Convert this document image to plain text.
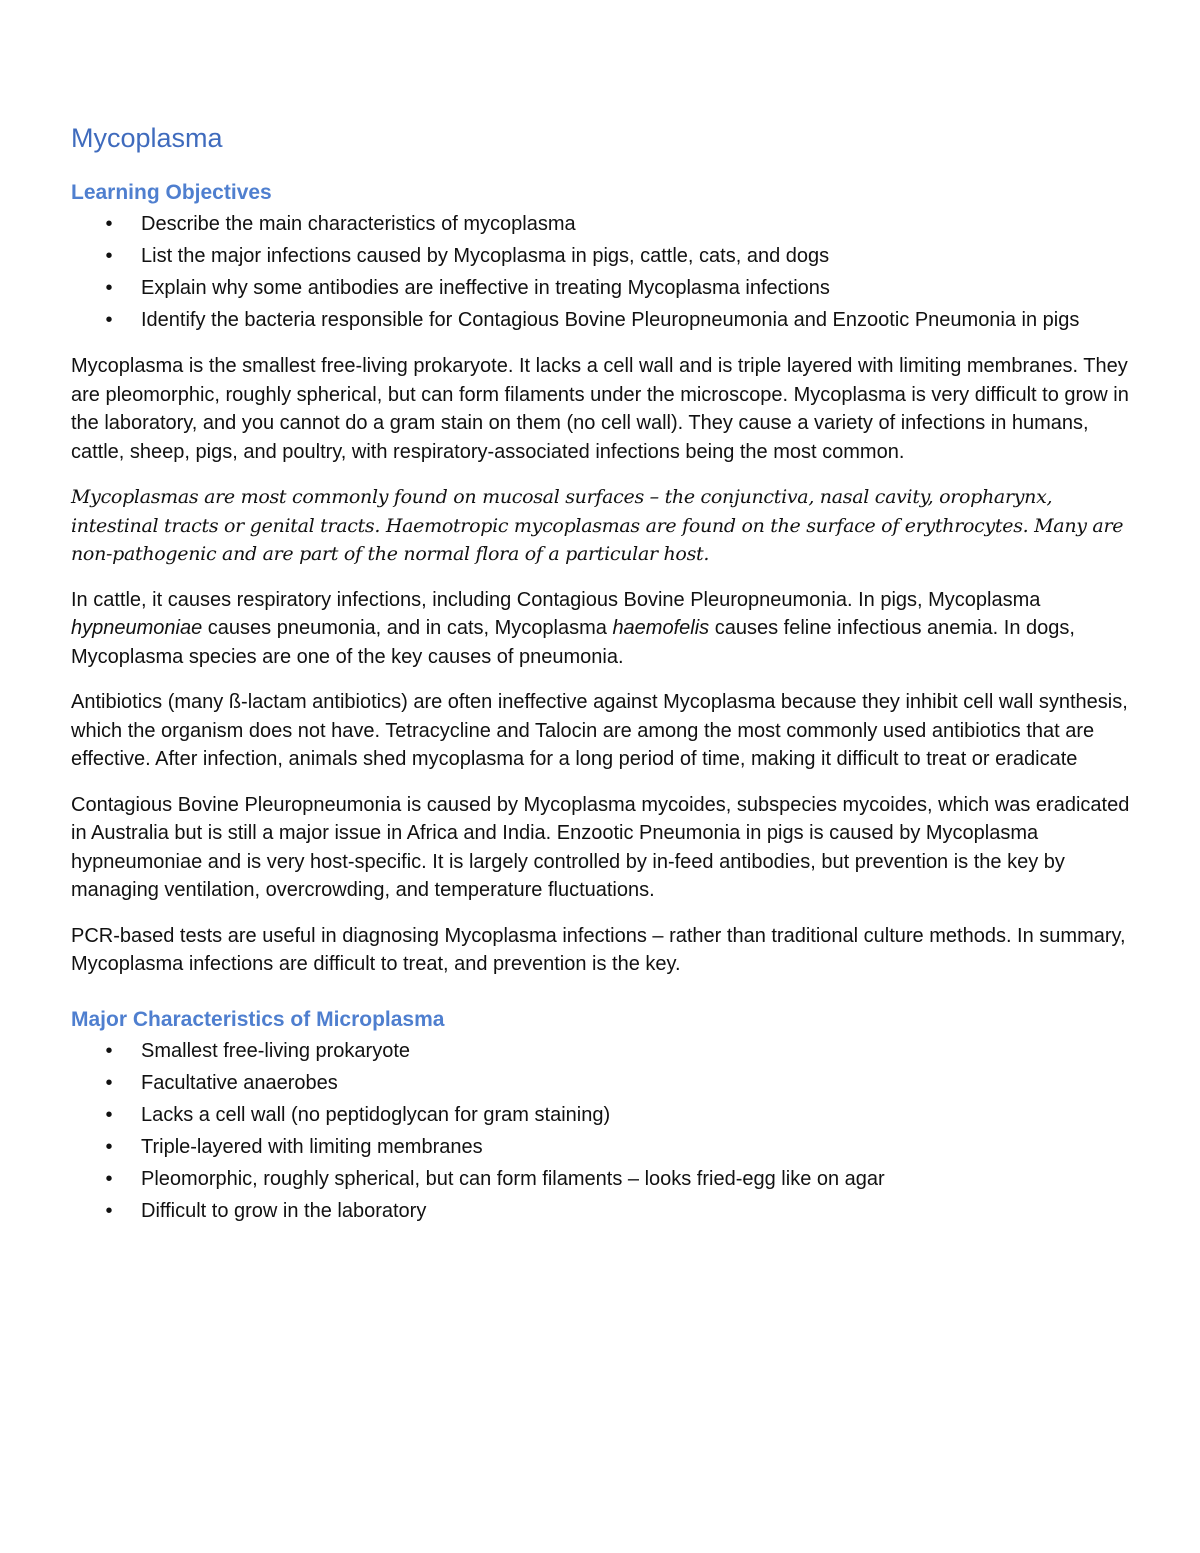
Mycoplasma
Learning Objectives
•	Describe the main characteristics of mycoplasma
•	List the major infections caused by Mycoplasma in pigs, cattle, cats, and dogs
•	Explain why some antibodies are ineffective in treating Mycoplasma infections
•	Identify the bacteria responsible for Contagious Bovine Pleuropneumonia and Enzootic Pneumonia in pigs

Mycoplasma is the smallest free-living prokaryote. It lacks a cell wall and is triple layered with limiting membranes. They are pleomorphic, roughly spherical, but can form filaments under the microscope. Mycoplasma is very difficult to grow in the laboratory, and you cannot do a gram stain on them (no cell wall). They cause a variety of infections in humans, cattle, sheep, pigs, and poultry, with respiratory-associated infections being the most common.

Mycoplasmas are most commonly found on mucosal surfaces – the conjunctiva, nasal cavity, oropharynx, intestinal tracts or genital tracts. Haemotropic mycoplasmas are found on the surface of erythrocytes. Many are non-pathogenic and are part of the normal flora of a particular host.

In cattle, it causes respiratory infections, including Contagious Bovine Pleuropneumonia. In pigs, Mycoplasma hypneumoniae causes pneumonia, and in cats, Mycoplasma haemofelis causes feline infectious anemia. In dogs, Mycoplasma species are one of the key causes of pneumonia.

Antibiotics (many ß-lactam antibiotics) are often ineffective against Mycoplasma because they inhibit cell wall synthesis, which the organism does not have. Tetracycline and Talocin are among the most commonly used antibiotics that are effective. After infection, animals shed mycoplasma for a long period of time, making it difficult to treat or eradicate

Contagious Bovine Pleuropneumonia is caused by Mycoplasma mycoides, subspecies mycoides, which was eradicated in Australia but is still a major issue in Africa and India. Enzootic Pneumonia in pigs is caused by Mycoplasma hypneumoniae and is very host-specific. It is largely controlled by in-feed antibodies, but prevention is the key by managing ventilation, overcrowding, and temperature fluctuations.

PCR-based tests are useful in diagnosing Mycoplasma infections – rather than traditional culture methods. In summary, Mycoplasma infections are difficult to treat, and prevention is the key.

Major Characteristics of Microplasma
•	Smallest free-living prokaryote
•	Facultative anaerobes
•	Lacks a cell wall (no peptidoglycan for gram staining)
•	Triple-layered with limiting membranes
•	Pleomorphic, roughly spherical, but can form filaments – looks fried-egg like on agar
•	Difficult to grow in the laboratory
